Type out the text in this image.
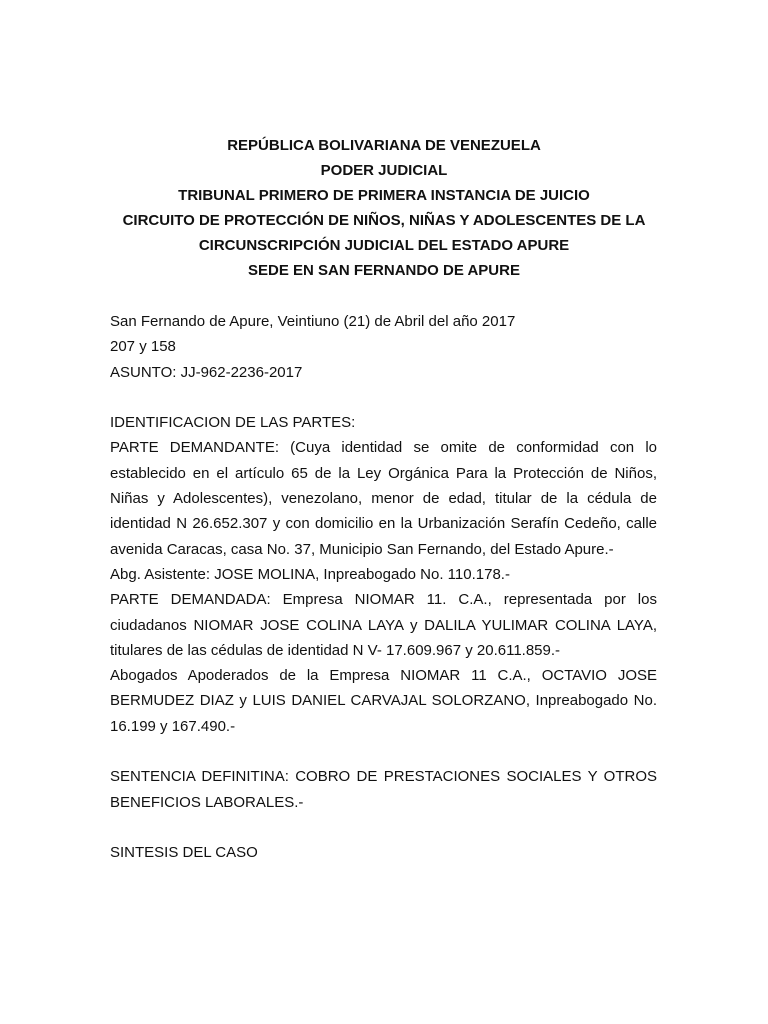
REPÚBLICA BOLIVARIANA DE VENEZUELA
PODER JUDICIAL
TRIBUNAL PRIMERO DE PRIMERA INSTANCIA DE JUICIO
CIRCUITO DE PROTECCIÓN DE NIÑOS, NIÑAS Y ADOLESCENTES DE LA
CIRCUNSCRIPCIÓN JUDICIAL DEL ESTADO APURE
SEDE EN SAN FERNANDO DE APURE

San Fernando de Apure, Veintiuno (21) de Abril del año 2017

207 y 158

ASUNTO: JJ-962-2236-2017

IDENTIFICACION DE LAS PARTES:

PARTE DEMANDANTE: (Cuya identidad se omite de conformidad con lo establecido en el artículo 65 de la Ley Orgánica Para la Protección de Niños, Niñas y Adolescentes), venezolano, menor de edad, titular de la cédula de identidad N 26.652.307 y con domicilio en la Urbanización Serafín Cedeño, calle avenida Caracas, casa No. 37, Municipio San Fernando, del Estado Apure.-

Abg. Asistente: JOSE MOLINA, Inpreabogado No. 110.178.-

PARTE DEMANDADA: Empresa NIOMAR 11. C.A., representada por los ciudadanos NIOMAR JOSE COLINA LAYA y DALILA YULIMAR COLINA LAYA, titulares de las cédulas de identidad N V- 17.609.967 y 20.611.859.-

Abogados Apoderados de la Empresa NIOMAR 11 C.A., OCTAVIO JOSE BERMUDEZ DIAZ y LUIS DANIEL CARVAJAL SOLORZANO, Inpreabogado No. 16.199 y 167.490.-

SENTENCIA DEFINITINA: COBRO DE PRESTACIONES SOCIALES Y OTROS BENEFICIOS LABORALES.-

SINTESIS DEL CASO
